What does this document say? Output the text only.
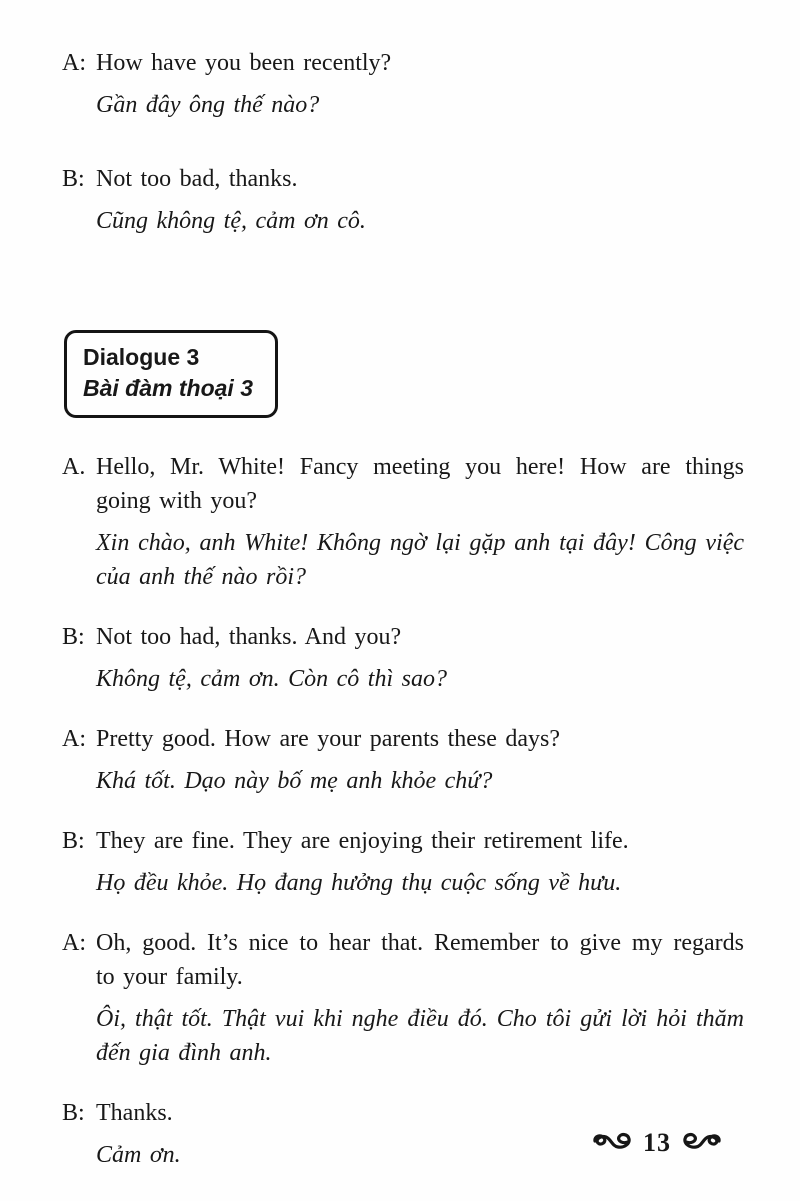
A: How have you been recently?

Gần đây ông thế nào?

B: Not too bad, thanks.

Cũng không tệ, cảm ơn cô.

Dialogue 3
Bài đàm thoại 3

A. Hello, Mr. White! Fancy meeting you here! How are things going with you?

Xin chào, anh White! Không ngờ lại gặp anh tại đây! Công việc của anh thế nào rồi?

B: Not too had, thanks. And you?

Không tệ, cảm ơn. Còn cô thì sao?

A: Pretty good. How are your parents these days?

Khá tốt. Dạo này bố mẹ anh khỏe chứ?

B: They are fine. They are enjoying their retirement life.

Họ đều khỏe. Họ đang hưởng thụ cuộc sống về hưu.

A: Oh, good. It’s nice to hear that. Remember to give my regards to your family.

Ôi, thật tốt. Thật vui khi nghe điều đó. Cho tôi gửi lời hỏi thăm đến gia đình anh.

B: Thanks.

Cảm ơn.	13
